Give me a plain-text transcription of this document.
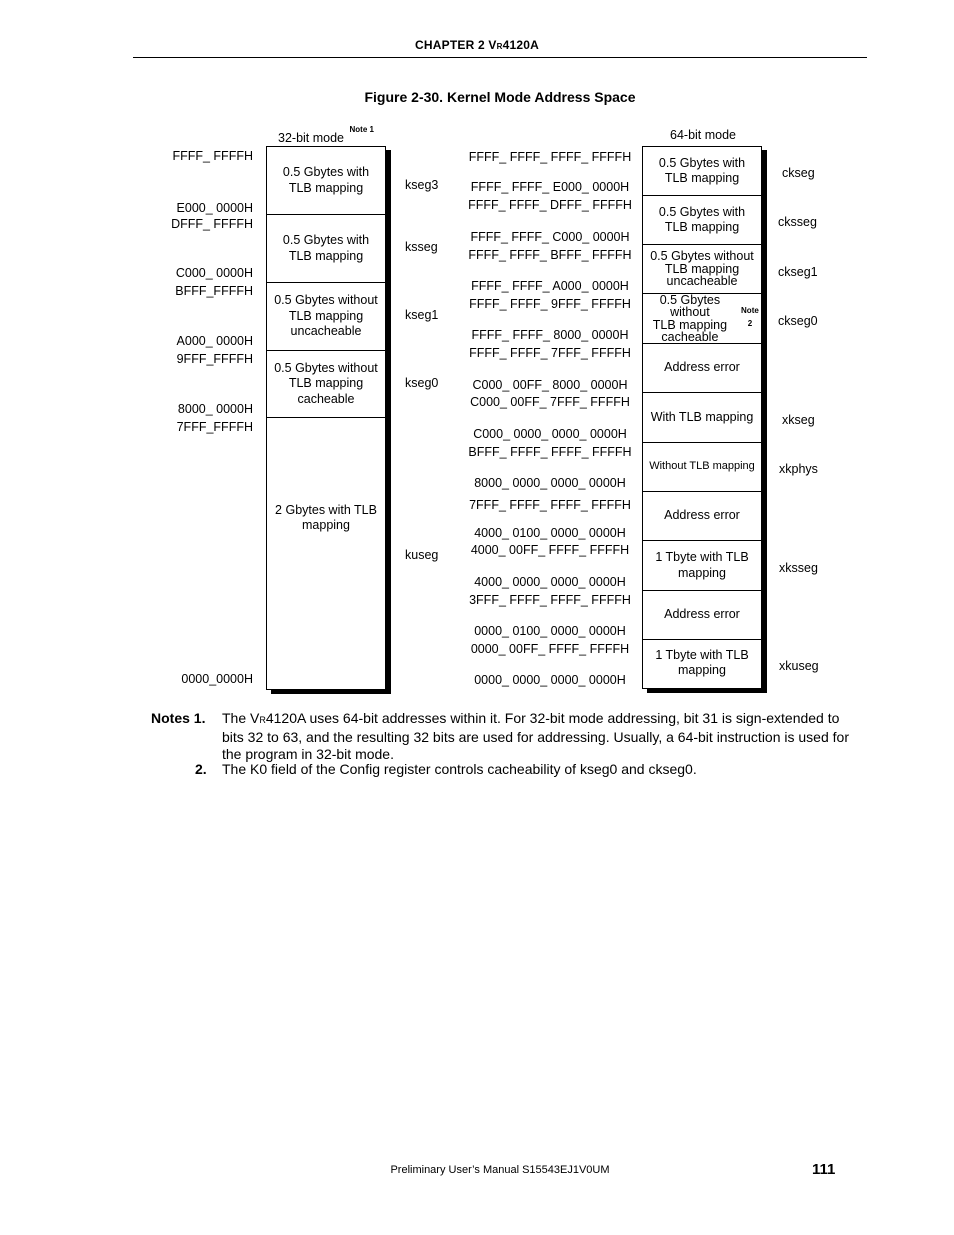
CHAPTER 2 VR4120A
Figure 2-30. Kernel Mode Address Space
32-bit mode $^{Note 1}$
FFFF_ FFFFH
E000_ 0000H
DFFF_ FFFFH
C000_ 0000H
BFFF_FFFFH
A000_ 0000H
9FFF_FFFFH
8000_ 0000H
7FFF_FFFFH
0000_0000H
0.5 Gbytes with
TLB mapping
0.5 Gbytes with
TLB mapping
0.5 Gbytes without
TLB mapping
uncacheable
0.5 Gbytes without
TLB mapping
cacheable
2 Gbytes with TLB
mapping
kseg3
ksseg
kseg1
kseg0
kuseg
64-bit mode
FFFF_ FFFF_ FFFF_ FFFFH
FFFF_ FFFF_ E000_ 0000H
FFFF_ FFFF_ DFFF_ FFFFH
FFFF_ FFFF_ C000_ 0000H
FFFF_ FFFF_ BFFF_ FFFFH
FFFF_ FFFF_ A000_ 0000H
FFFF_ FFFF_ 9FFF_ FFFFH
FFFF_ FFFF_ 8000_ 0000H
FFFF_ FFFF_ 7FFF_ FFFFH
C000_ 00FF_ 8000_ 0000H
C000_ 00FF_ 7FFF_ FFFFH
C000_ 0000_ 0000_ 0000H
BFFF_ FFFF_ FFFF_ FFFFH
8000_ 0000_ 0000_ 0000H
7FFF_ FFFF_ FFFF_ FFFFH
4000_ 0100_ 0000_ 0000H
4000_ 00FF_ FFFF_ FFFFH
4000_ 0000_ 0000_ 0000H
3FFF_ FFFF_ FFFF_ FFFFH
0000_ 0100_ 0000_ 0000H
0000_ 00FF_ FFFF_ FFFFH
0000_ 0000_ 0000_ 0000H
0.5 Gbytes with
TLB mapping
0.5 Gbytes with
TLB mapping
0.5 Gbytes without
TLB mapping
uncacheable
0.5 Gbytes without
TLB mapping
cacheable
$^{Note 2}$
Address error
With TLB mapping
Without TLB mapping
Address error
1 Tbyte with TLB
mapping
Address error
1 Tbyte with TLB
mapping
ckseg
cksseg
ckseg1
ckseg0
xkseg
xkphys
xksseg
xkuseg
Notes 1. The VR4120A uses 64-bit addresses within it. For 32-bit mode addressing, bit 31 is sign-extended to bits 32 to 63, and the resulting 32 bits are used for addressing. Usually, a 64-bit instruction is used for the program in 32-bit mode.
2. The K0 field of the Config register controls cacheability of kseg0 and ckseg0.
Preliminary User’s Manual S15543EJ1V0UM	111
